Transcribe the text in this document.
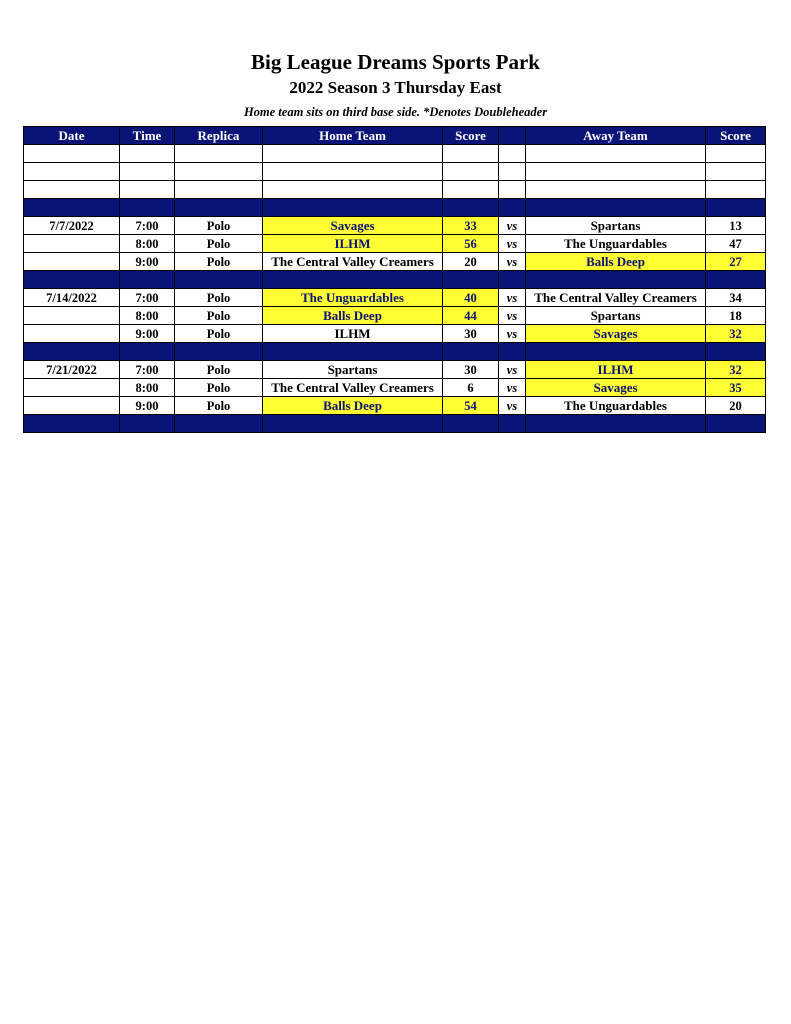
Big League Dreams Sports Park
2022 Season 3 Thursday East
Home team sits on third base side. *Denotes Doubleheader
Date	Time	Replica	Home Team	Score		Away Team	Score

7/7/2022	7:00	Polo	Savages	33	vs	Spartans	13
	8:00	Polo	ILHM	56	vs	The Unguardables	47
	9:00	Polo	The Central Valley Creamers	20	vs	Balls Deep	27

7/14/2022	7:00	Polo	The Unguardables	40	vs	The Central Valley Creamers	34
	8:00	Polo	Balls Deep	44	vs	Spartans	18
	9:00	Polo	ILHM	30	vs	Savages	32

7/21/2022	7:00	Polo	Spartans	30	vs	ILHM	32
	8:00	Polo	The Central Valley Creamers	6	vs	Savages	35
	9:00	Polo	Balls Deep	54	vs	The Unguardables	20
